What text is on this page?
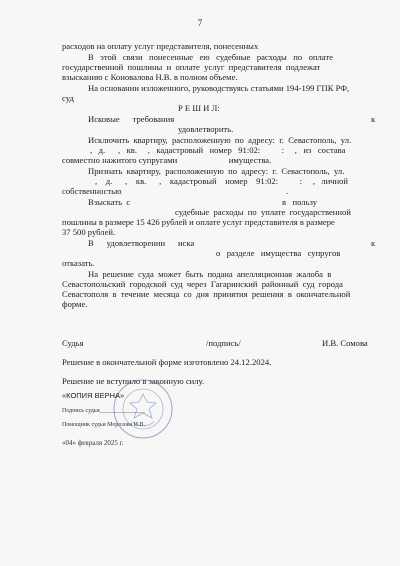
7
расходов на оплату услуг представителя, понесенных
В   этой   связи   понесенные   ею   судебные   расходы   по   оплате
государственной  пошлины  и  оплате  услуг  представителя  подлежат
взысканию с Коновалова Н.В. в полном объеме.
На основании изложенного, руководствуясь статьями 194-199 ГПК РФ,
суд
Р Е Ш И Л:
Исковые      требования	к
удовлетворить.
Исключить  квартиру,  расположенную  по  адресу:  г.  Севастополь,  ул.
,   д.      ,   кв.     ,   кадастровый   номер   91:02:          :     ,   из   состава
совместно нажитого супругами                        имущества.
Признать  квартиру,  расположенную  по  адресу:  г.  Севастополь,  ул.
,    д.      ,    кв.      ,    кадастровый    номер    91:02:          :     ,   личной
собственностью	.
Взыскать  с	в   пользу
судебные  расходы  по  уплате  государственной
пошлины в размере 15 426 рублей и оплате услуг представителя в размере
37 500 рублей.
В      удовлетворении      иска	к
о   разделе   имущества   супругов
отказать.
На  решение  суда  может  быть  подана  апелляционная  жалоба  в
Севастопольский  городской  суд  через  Гагаринский  районный  суд  города
Севастополя  в  течение  месяца  со  дня  принятия  решения  в  окончательной
форме.
Судья	/подпись/	И.В. Сомова
Решение в окончательной форме изготовлено 24.12.2024.
Решение не вступило в законную силу.
«КОПИЯ ВЕРНА»
Подпись судьи_______________
Помощник судьи Морозова И.В.
«04» февраля 2025 г.
